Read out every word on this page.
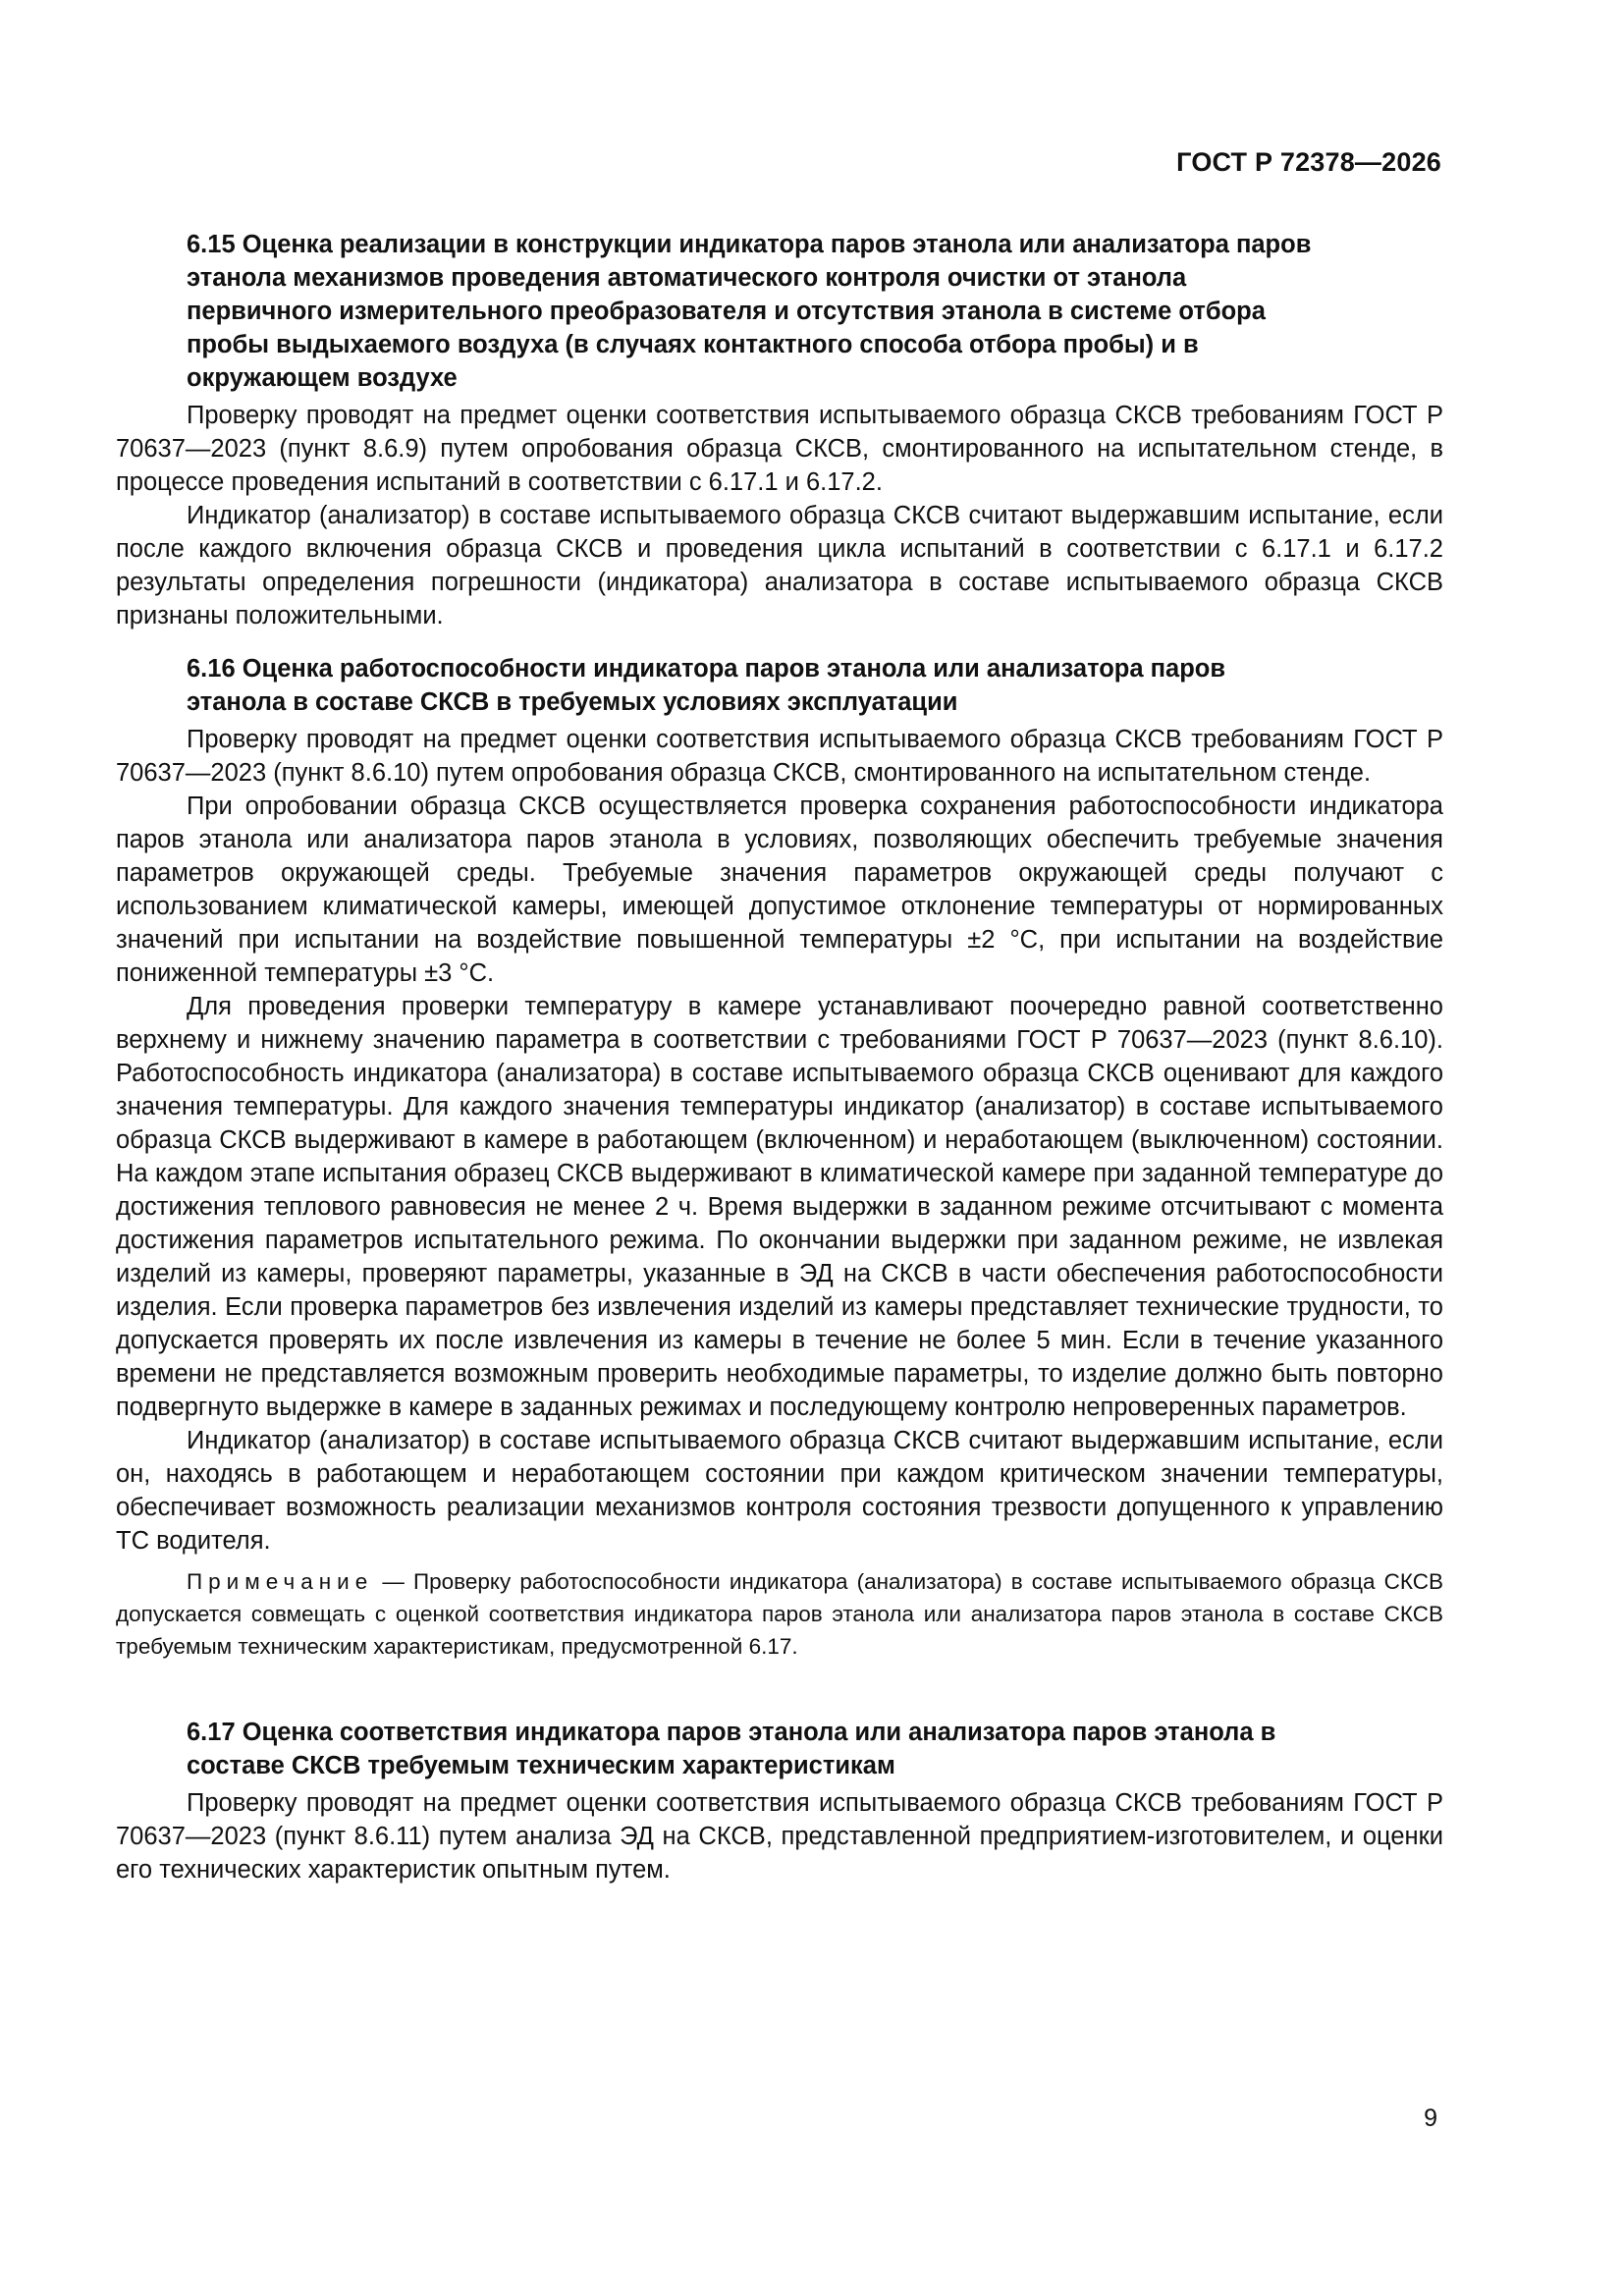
ГОСТ Р 72378—2026
6.15 Оценка реализации в конструкции индикатора паров этанола или анализатора паров этанола механизмов проведения автоматического контроля очистки от этанола первичного измерительного преобразователя и отсутствия этанола в системе отбора пробы выдыхаемого воздуха (в случаях контактного способа отбора пробы) и в окружающем воздухе

Проверку проводят на предмет оценки соответствия испытываемого образца СКСВ требованиям ГОСТ Р 70637—2023 (пункт 8.6.9) путем опробования образца СКСВ, смонтированного на испытательном стенде, в процессе проведения испытаний в соответствии с 6.17.1 и 6.17.2.

Индикатор (анализатор) в составе испытываемого образца СКСВ считают выдержавшим испытание, если после каждого включения образца СКСВ и проведения цикла испытаний в соответствии с 6.17.1 и 6.17.2 результаты определения погрешности (индикатора) анализатора в составе испытываемого образца СКСВ признаны положительными.

6.16 Оценка работоспособности индикатора паров этанола или анализатора паров этанола в составе СКСВ в требуемых условиях эксплуатации

Проверку проводят на предмет оценки соответствия испытываемого образца СКСВ требованиям ГОСТ Р 70637—2023 (пункт 8.6.10) путем опробования образца СКСВ, смонтированного на испытательном стенде.

При опробовании образца СКСВ осуществляется проверка сохранения работоспособности индикатора паров этанола или анализатора паров этанола в условиях, позволяющих обеспечить требуемые значения параметров окружающей среды. Требуемые значения параметров окружающей среды получают с использованием климатической камеры, имеющей допустимое отклонение температуры от нормированных значений при испытании на воздействие повышенной температуры ±2 °С, при испытании на воздействие пониженной температуры ±3 °С.

Для проведения проверки температуру в камере устанавливают поочередно равной соответственно верхнему и нижнему значению параметра в соответствии с требованиями ГОСТ Р 70637—2023 (пункт 8.6.10). Работоспособность индикатора (анализатора) в составе испытываемого образца СКСВ оценивают для каждого значения температуры. Для каждого значения температуры индикатор (анализатор) в составе испытываемого образца СКСВ выдерживают в камере в работающем (включенном) и неработающем (выключенном) состоянии. На каждом этапе испытания образец СКСВ выдерживают в климатической камере при заданной температуре до достижения теплового равновесия не менее 2 ч. Время выдержки в заданном режиме отсчитывают с момента достижения параметров испытательного режима. По окончании выдержки при заданном режиме, не извлекая изделий из камеры, проверяют параметры, указанные в ЭД на СКСВ в части обеспечения работоспособности изделия. Если проверка параметров без извлечения изделий из камеры представляет технические трудности, то допускается проверять их после извлечения из камеры в течение не более 5 мин. Если в течение указанного времени не представляется возможным проверить необходимые параметры, то изделие должно быть повторно подвергнуто выдержке в камере в заданных режимах и последующему контролю непроверенных параметров.

Индикатор (анализатор) в составе испытываемого образца СКСВ считают выдержавшим испытание, если он, находясь в работающем и неработающем состоянии при каждом критическом значении температуры, обеспечивает возможность реализации механизмов контроля состояния трезвости допущенного к управлению ТС водителя.

Примечание — Проверку работоспособности индикатора (анализатора) в составе испытываемого образца СКСВ допускается совмещать с оценкой соответствия индикатора паров этанола или анализатора паров этанола в составе СКСВ требуемым техническим характеристикам, предусмотренной 6.17.

6.17 Оценка соответствия индикатора паров этанола или анализатора паров этанола в составе СКСВ требуемым техническим характеристикам

Проверку проводят на предмет оценки соответствия испытываемого образца СКСВ требованиям ГОСТ Р 70637—2023 (пункт 8.6.11) путем анализа ЭД на СКСВ, представленной предприятием-изготовителем, и оценки его технических характеристик опытным путем.

9
